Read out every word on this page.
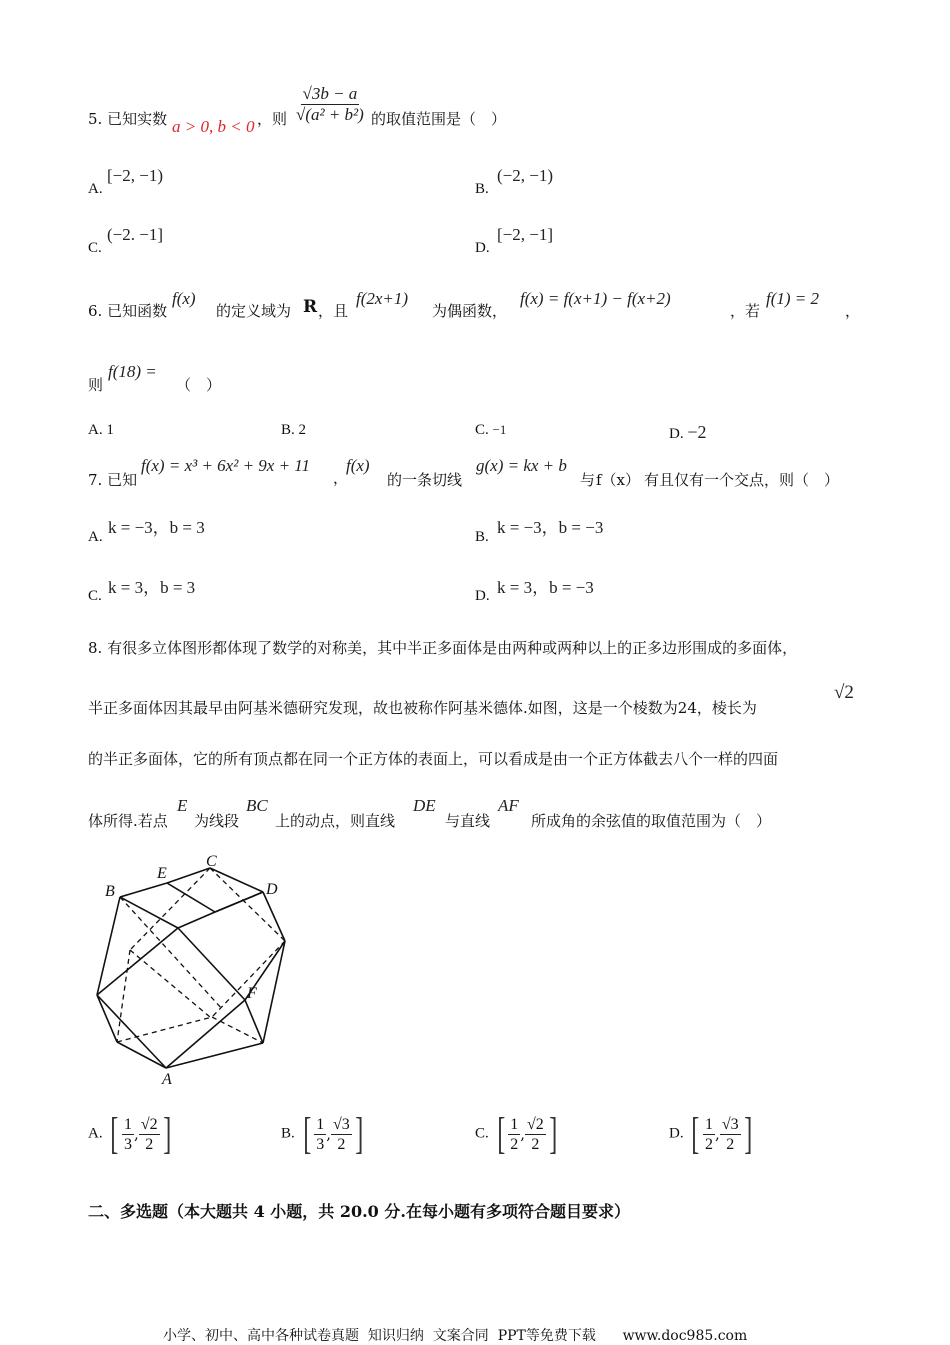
5. 已知实数 a > 0, b < 0 ，则 $\frac{√3b - a}{\text{√(a² + b²)}}$ 的取值范围是（　）
A.
[−2, −1)
B.
(−2, −1)
C.
(−2. −1]
D.
[−2, −1]
6. 已知函数
f(x)
的定义域为 R ，且
f(2x+1)
为偶函数，
f(x) = f(x+1) − f(x+2)
，若
f(1) = 2
，
则
f(18) =
（　）
A. 1	B. 2	C. −1	D. −2
7. 已知
f(x) = x³ + 6x² + 9x + 11
，
f(x)
的一条切线
g(x) = kx + b
与 f（x） 有且仅有一个交点，则（　）
A. k = −3，b = 3	B. k = −3，b = −3
C. k = 3，b = 3	D. k = 3，b = −3
8. 有很多立体图形都体现了数学的对称美，其中半正多面体是由两种或两种以上的正多边形围成的多面体，
半正多面体因其最早由阿基米德研究发现，故也被称作阿基米德体.如图，这是一个棱数为24，棱长为
√2
的半正多面体，它的所有顶点都在同一个正方体的表面上，可以看成是由一个正方体截去八个一样的四面
体所得.若点
E
为线段
BC
上的动点，则直线
DE
与直线
AF
所成角的余弦值的取值范围为（　）
B
E
C
D
F
A
A. [ 1
3
,
√2
2 ]	B. [ 1
3
,
√3
2 ]	C. [ 1
2
,
√2
2 ]	D. [ 1
2
,
√3
2 ]
二、多选题（本大题共 4 小题，共 20.0 分.在每小题有多项符合题目要求）
小学、初中、高中各种试卷真题  知识归纳  文案合同  PPT等免费下载      www.doc985.com
